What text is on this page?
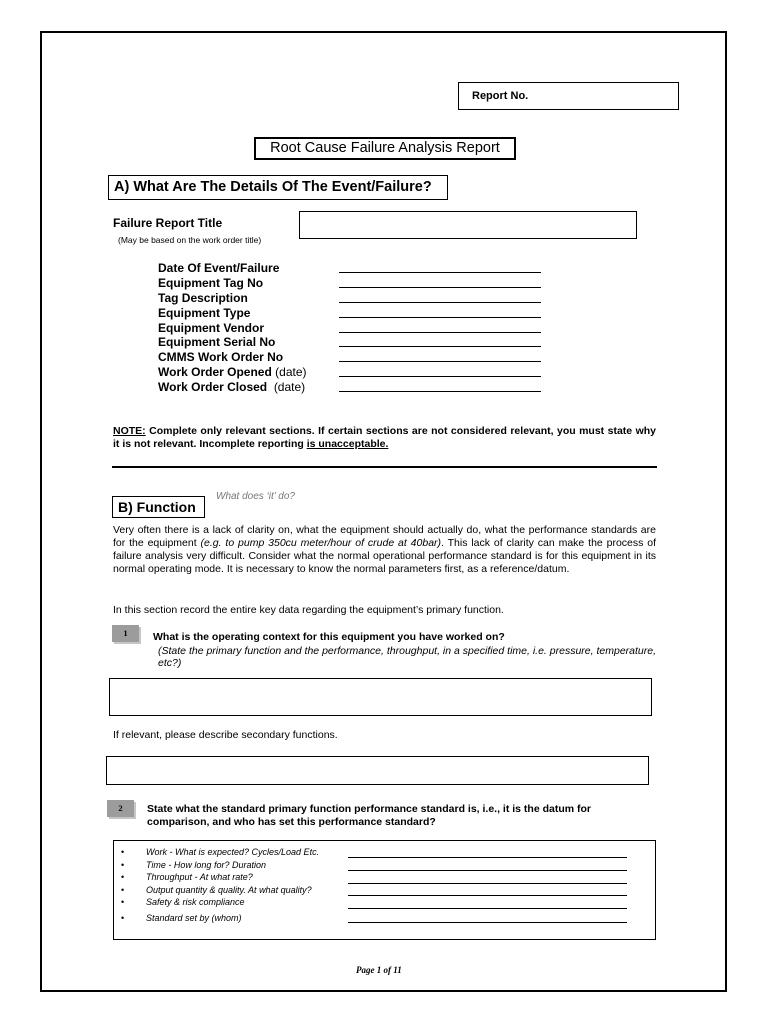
Report No.
Root Cause Failure Analysis Report
A) What Are The Details Of The Event/Failure?
Failure Report Title
(May be based on the work order title)
Date Of Event/Failure
Equipment Tag No
Tag Description
Equipment Type
Equipment Vendor
Equipment Serial No
CMMS Work Order No
Work Order Opened (date)
Work Order Closed (date)
NOTE: Complete only relevant sections. If certain sections are not considered relevant, you must state why it is not relevant. Incomplete reporting is unacceptable.
B) Function
What does ‘it’ do?
Very often there is a lack of clarity on, what the equipment should actually do, what the performance standards are for the equipment (e.g. to pump 350cu meter/hour of crude at 40bar). This lack of clarity can make the process of failure analysis very difficult. Consider what the normal operational performance standard is for this equipment in its normal operating mode. It is necessary to know the normal parameters first, as a reference/datum.
In this section record the entire key data regarding the equipment’s primary function.
1	What is the operating context for this equipment you have worked on?
(State the primary function and the performance, throughput, in a specified time, i.e. pressure, temperature, etc?)
If relevant, please describe secondary functions.
2	State what the standard primary function performance standard is, i.e., it is the datum for comparison, and who has set this performance standard?
• Work - What is expected? Cycles/Load Etc.
• Time - How long for? Duration
• Throughput - At what rate?
• Output quantity & quality. At what quality?
• Safety & risk compliance
• Standard set by (whom)
Page 1 of 11
